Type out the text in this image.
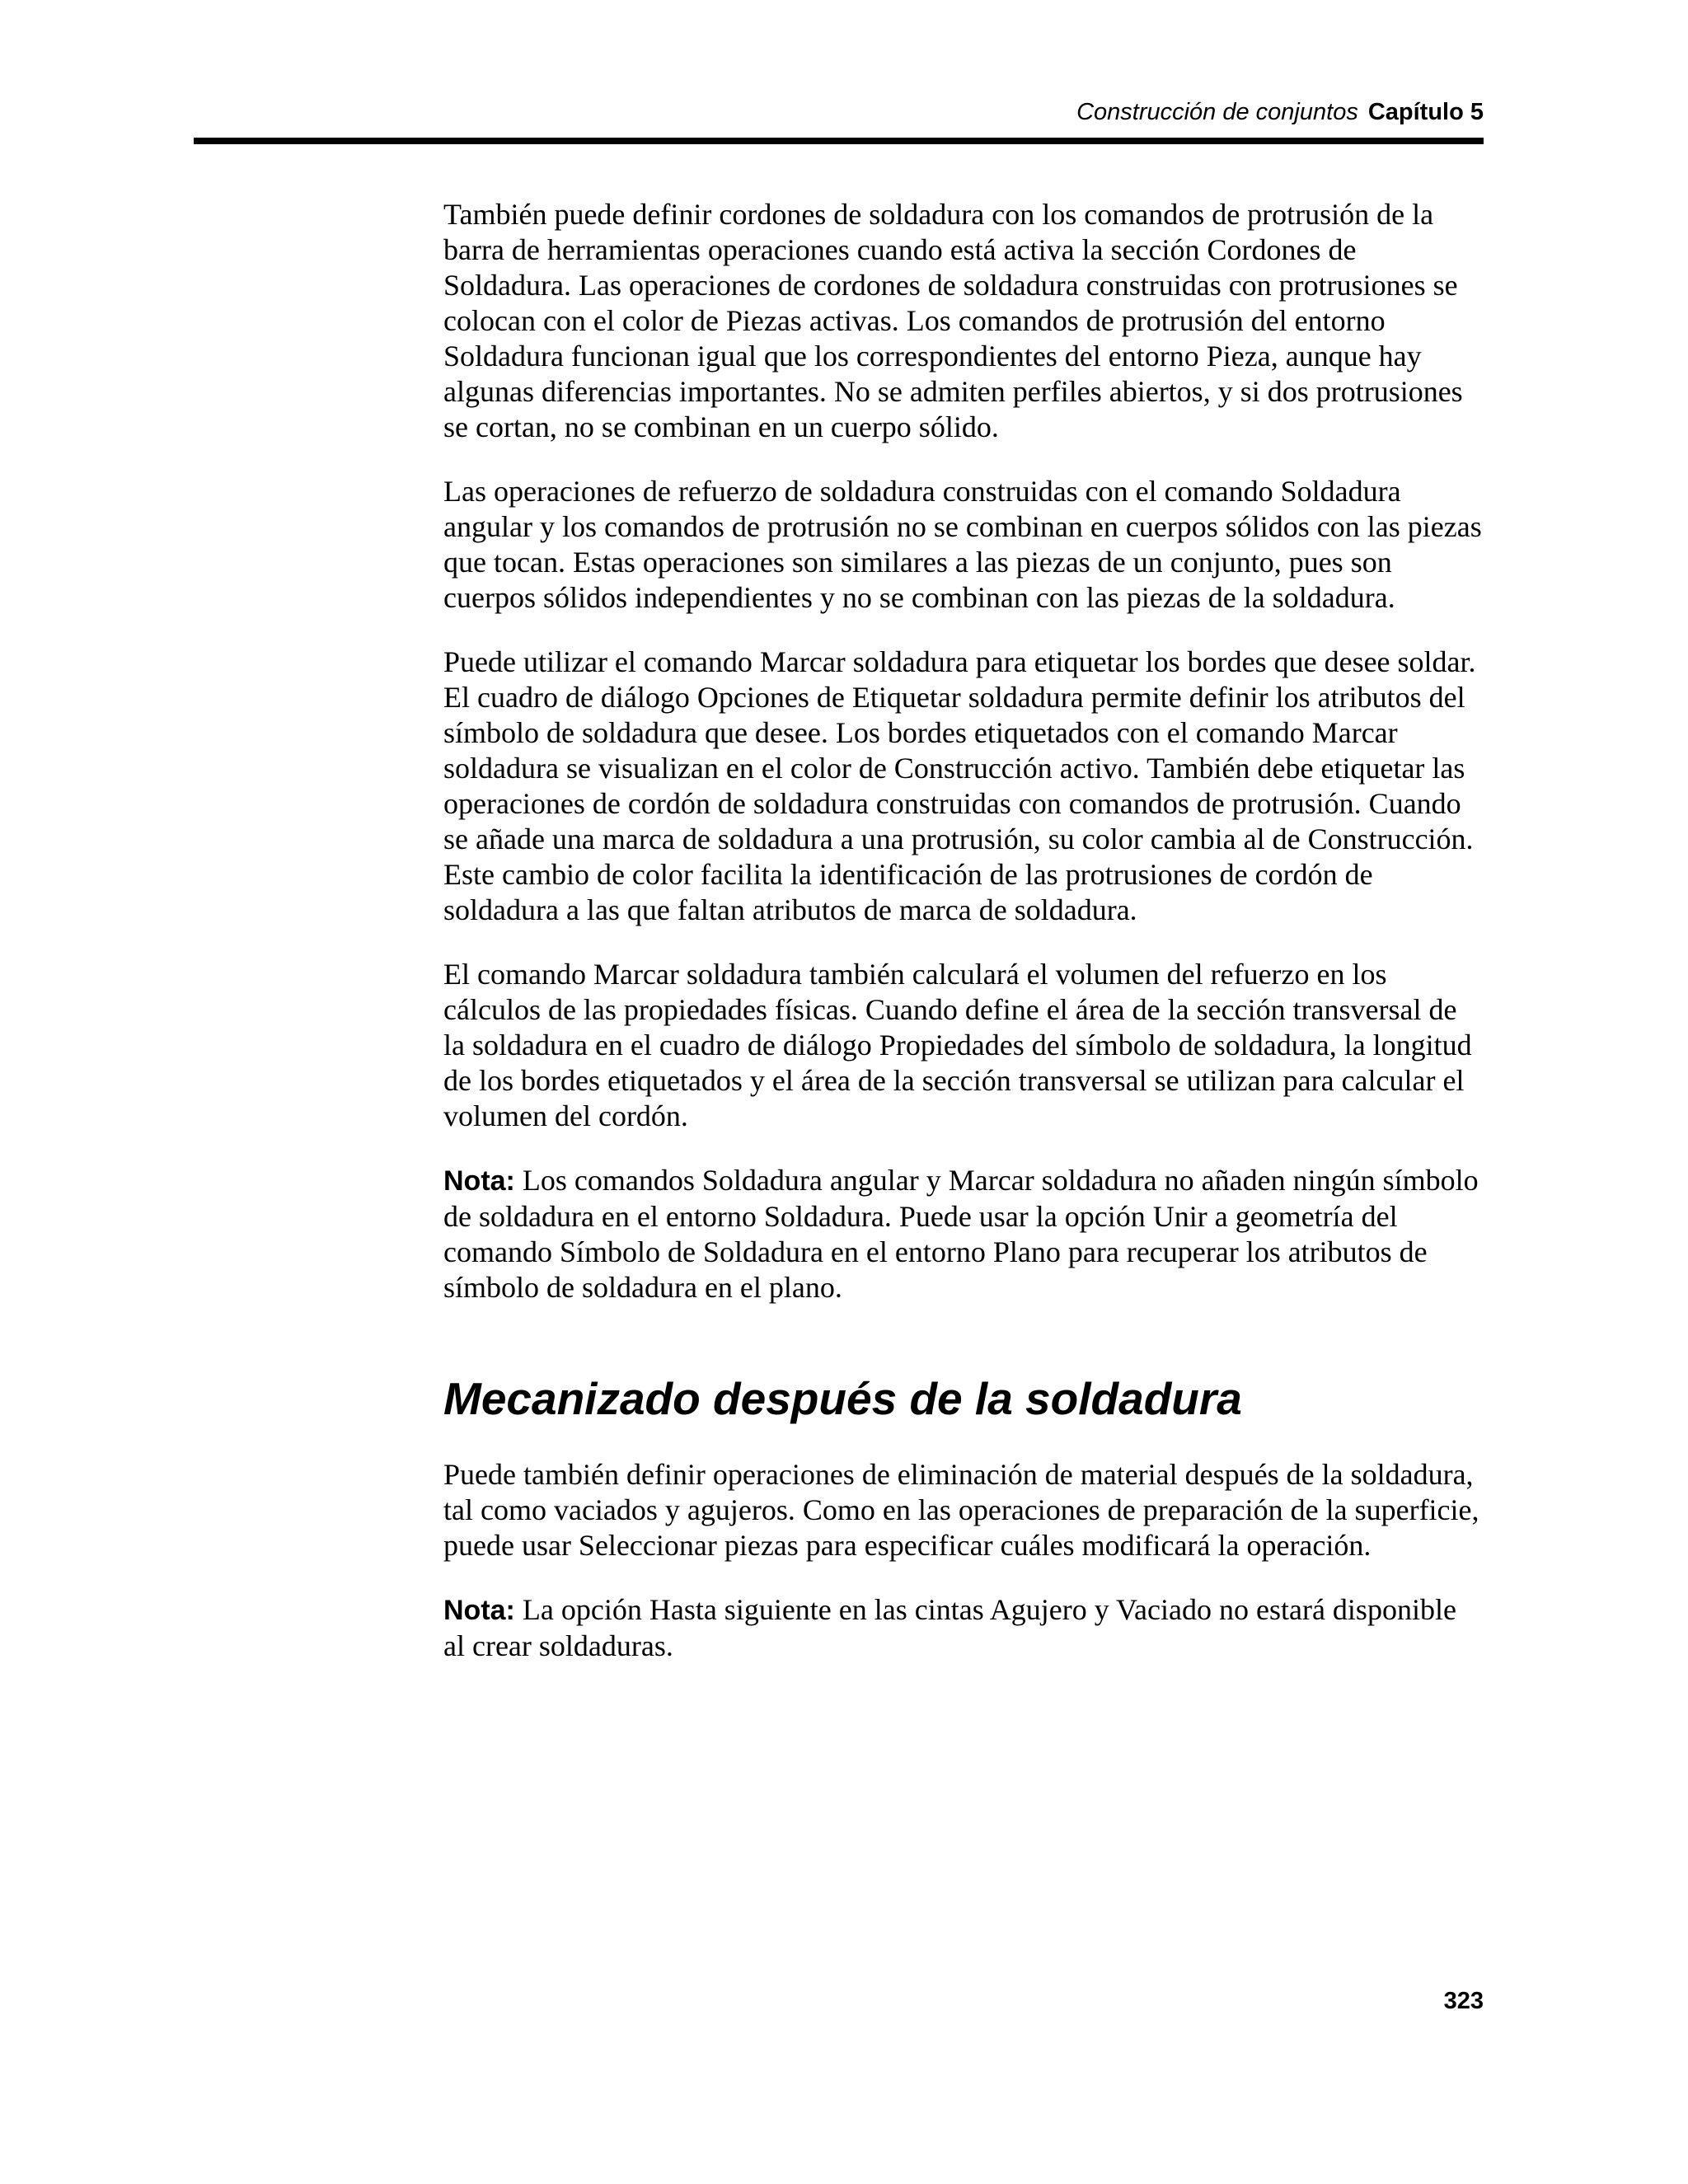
Construcción de conjuntos Capítulo 5

También puede definir cordones de soldadura con los comandos de protrusión de la barra de herramientas operaciones cuando está activa la sección Cordones de Soldadura. Las operaciones de cordones de soldadura construidas con protrusiones se colocan con el color de Piezas activas. Los comandos de protrusión del entorno Soldadura funcionan igual que los correspondientes del entorno Pieza, aunque hay algunas diferencias importantes. No se admiten perfiles abiertos, y si dos protrusiones se cortan, no se combinan en un cuerpo sólido.

Las operaciones de refuerzo de soldadura construidas con el comando Soldadura angular y los comandos de protrusión no se combinan en cuerpos sólidos con las piezas que tocan. Estas operaciones son similares a las piezas de un conjunto, pues son cuerpos sólidos independientes y no se combinan con las piezas de la soldadura.

Puede utilizar el comando Marcar soldadura para etiquetar los bordes que desee soldar. El cuadro de diálogo Opciones de Etiquetar soldadura permite definir los atributos del símbolo de soldadura que desee. Los bordes etiquetados con el comando Marcar soldadura se visualizan en el color de Construcción activo. También debe etiquetar las operaciones de cordón de soldadura construidas con comandos de protrusión. Cuando se añade una marca de soldadura a una protrusión, su color cambia al de Construcción. Este cambio de color facilita la identificación de las protrusiones de cordón de soldadura a las que faltan atributos de marca de soldadura.

El comando Marcar soldadura también calculará el volumen del refuerzo en los cálculos de las propiedades físicas. Cuando define el área de la sección transversal de la soldadura en el cuadro de diálogo Propiedades del símbolo de soldadura, la longitud de los bordes etiquetados y el área de la sección transversal se utilizan para calcular el volumen del cordón.

Nota: Los comandos Soldadura angular y Marcar soldadura no añaden ningún símbolo de soldadura en el entorno Soldadura. Puede usar la opción Unir a geometría del comando Símbolo de Soldadura en el entorno Plano para recuperar los atributos de símbolo de soldadura en el plano.

Mecanizado después de la soldadura

Puede también definir operaciones de eliminación de material después de la soldadura, tal como vaciados y agujeros. Como en las operaciones de preparación de la superficie, puede usar Seleccionar piezas para especificar cuáles modificará la operación.

Nota: La opción Hasta siguiente en las cintas Agujero y Vaciado no estará disponible al crear soldaduras.

323
